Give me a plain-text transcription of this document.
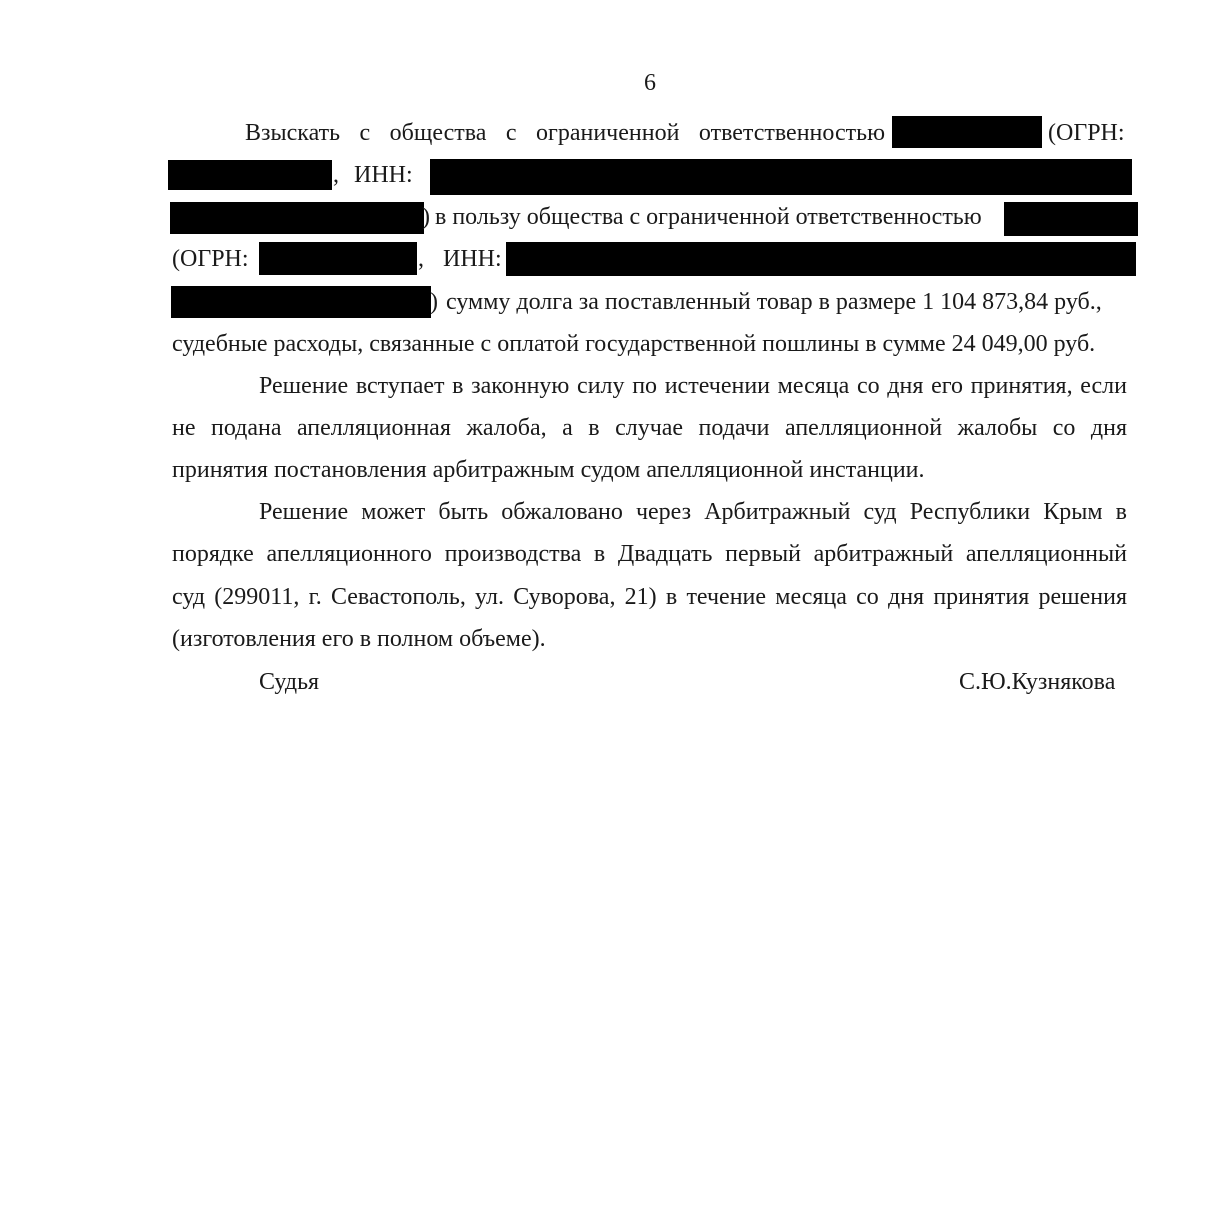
6
Взыскать с общества с ограниченной ответственностью	(ОГРН:
, ИНН:
) в пользу общества с ограниченной ответственностью
(ОГРН:	, ИНН:
) сумму долга за поставленный товар в размере 1 104 873,84 руб.,
судебные расходы, связанные с оплатой государственной пошлины в сумме 24 049,00 руб.
Решение вступает в законную силу по истечении месяца со дня его принятия, если
не подана апелляционная жалоба, а в случае подачи апелляционной жалобы со дня
принятия постановления арбитражным судом апелляционной инстанции.
Решение может быть обжаловано через Арбитражный суд Республики Крым в
порядке апелляционного производства в Двадцать первый арбитражный апелляционный
суд (299011, г. Севастополь, ул. Суворова, 21) в течение месяца со дня принятия решения
(изготовления его в полном объеме).
Судья	С.Ю.Кузнякова
